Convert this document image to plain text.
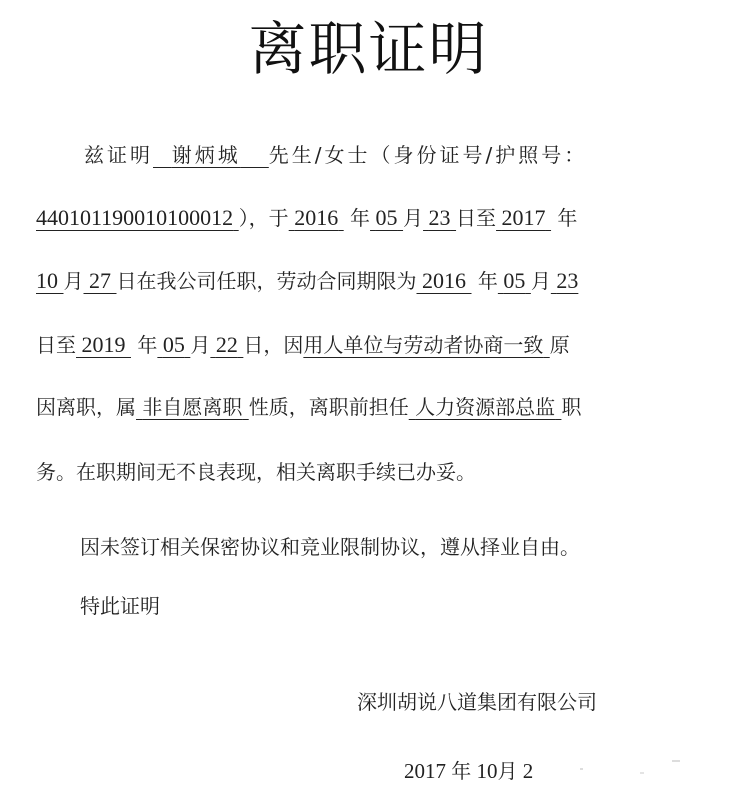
离职证明
兹证明 谢炳城 先生/女士（身份证号/护照号：
440101190010100012 ），于 2016 年 05 月 23 日至 2017 年
10 月 27 日在我公司任职，劳动合同期限为 2016 年 05 月 23
日至 2019 年 05 月 22 日，因用人单位与劳动者协商一致 原
因离职，属 非自愿离职 性质，离职前担任 人力资源部总监 职
务。在职期间无不良表现，相关离职手续已办妥。
因未签订相关保密协议和竞业限制协议，遵从择业自由。
特此证明
深圳胡说八道集团有限公司
2017 年 10月 2
